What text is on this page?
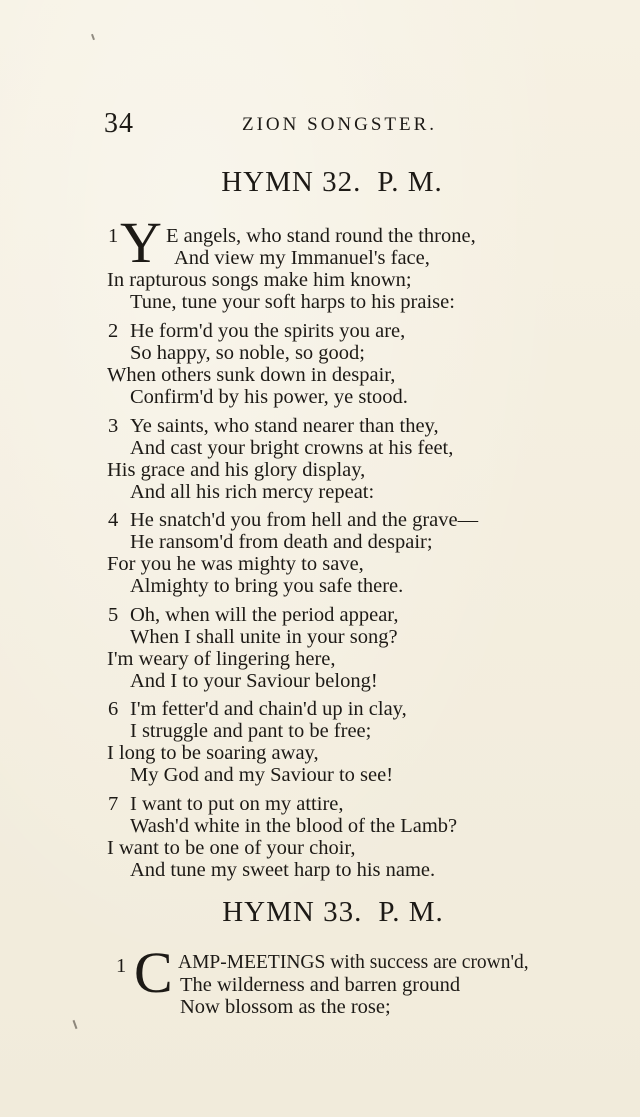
34	ZION SONGSTER.
HYMN 32. P. M.
1 Y E angels, who stand round the throne,
And view my Immanuel's face,
In rapturous songs make him known;
Tune, tune your soft harps to his praise:
2 He form'd you the spirits you are,
So happy, so noble, so good;
When others sunk down in despair,
Confirm'd by his power, ye stood.
3 Ye saints, who stand nearer than they,
And cast your bright crowns at his feet,
His grace and his glory display,
And all his rich mercy repeat:
4 He snatch'd you from hell and the grave—
He ransom'd from death and despair;
For you he was mighty to save,
Almighty to bring you safe there.
5 Oh, when will the period appear,
When I shall unite in your song?
I'm weary of lingering here,
And I to your Saviour belong!
6 I'm fetter'd and chain'd up in clay,
I struggle and pant to be free;
I long to be soaring away,
My God and my Saviour to see!
7 I want to put on my attire,
Wash'd white in the blood of the Lamb?
I want to be one of your choir,
And tune my sweet harp to his name.
HYMN 33. P. M.
1 C AMP-MEETINGS with success are crown'd,
The wilderness and barren ground
Now blossom as the rose;
